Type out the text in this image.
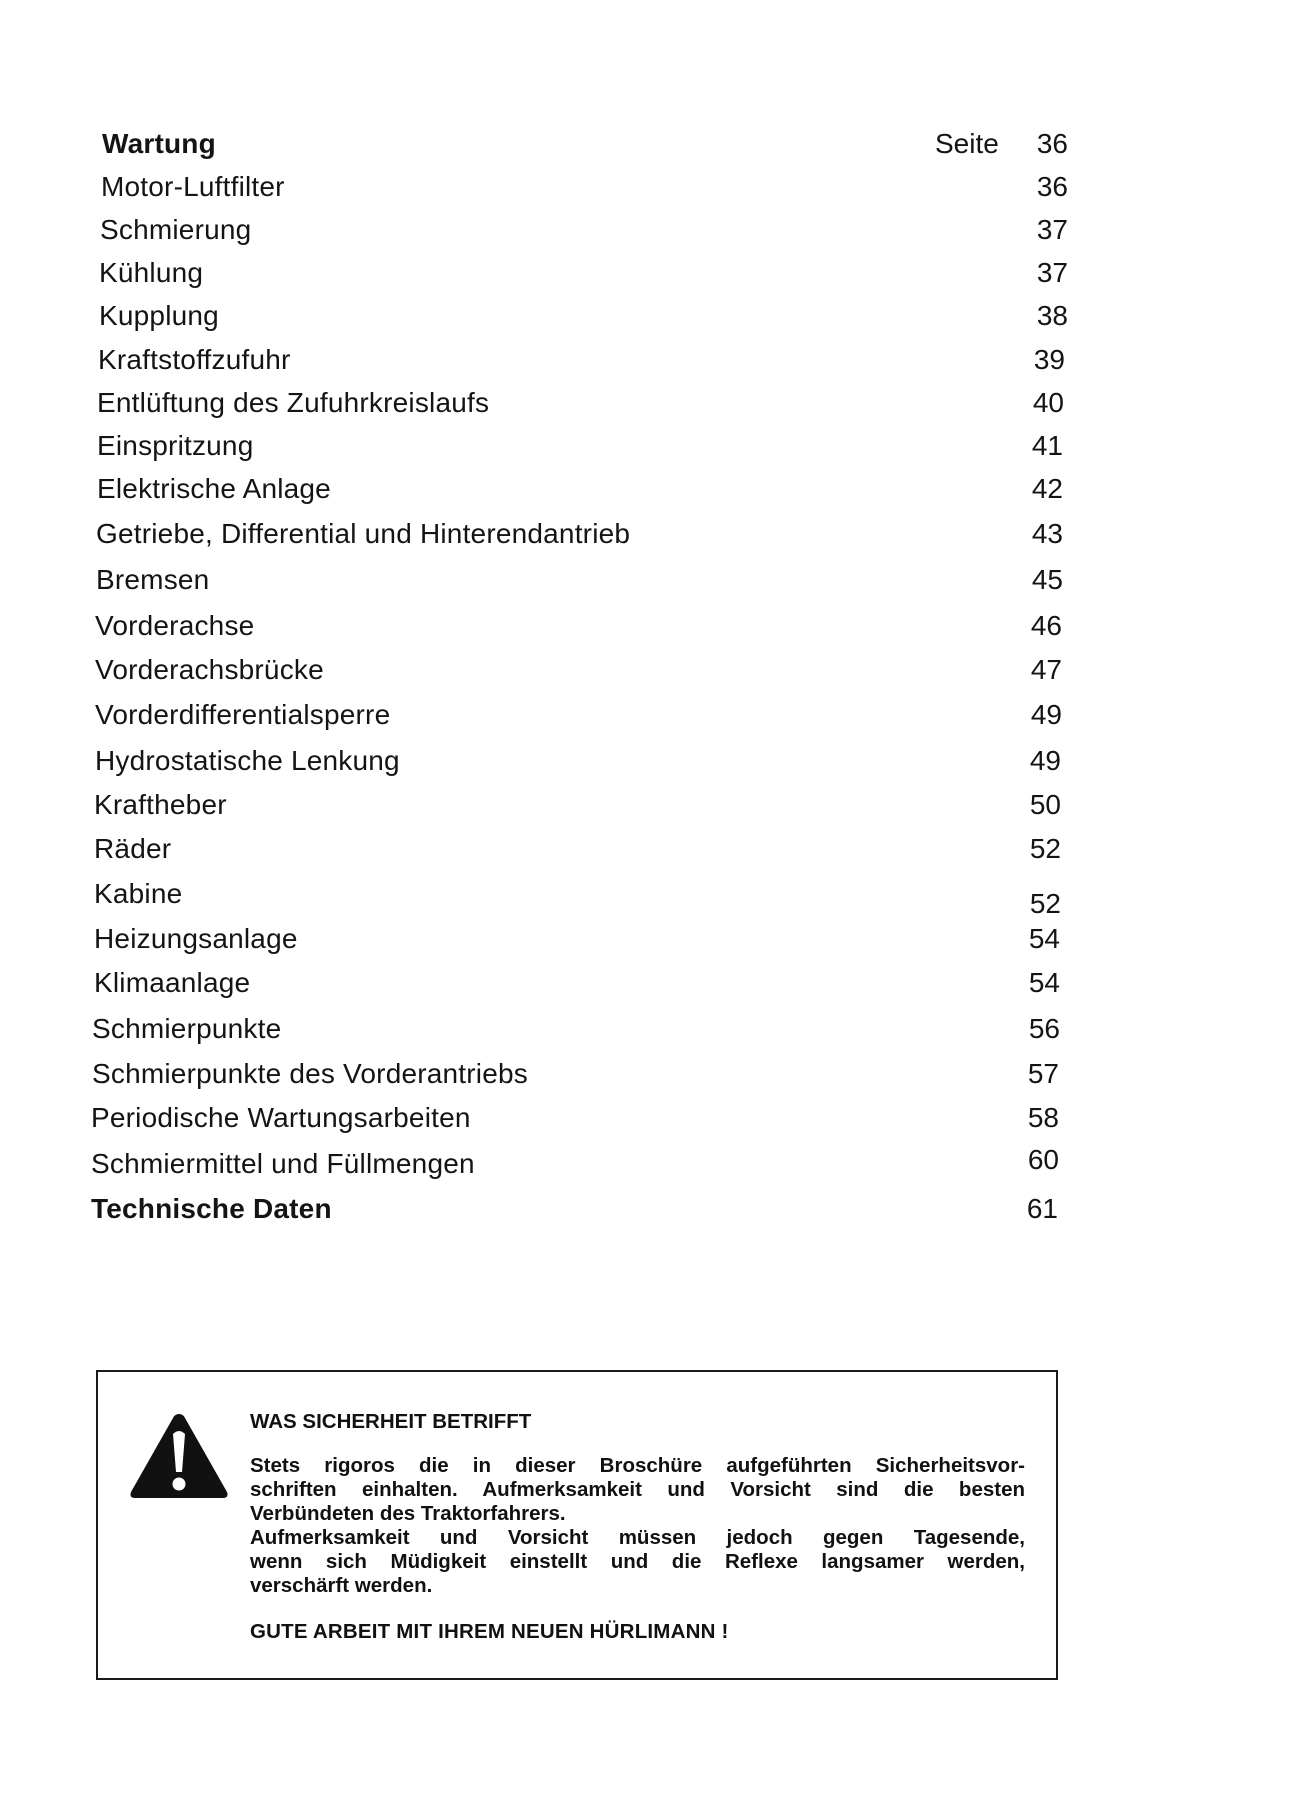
Seite
Wartung	36
Motor-Luftfilter	36
Schmierung	37
Kühlung	37
Kupplung	38
Kraftstoffzufuhr	39
Entlüftung des Zufuhrkreislaufs	40
Einspritzung	41
Elektrische Anlage	42
Getriebe, Differential und Hinterendantrieb	43
Bremsen	45
Vorderachse	46
Vorderachsbrücke	47
Vorderdifferentialsperre	49
Hydrostatische Lenkung	49
Kraftheber	50
Räder	52
Kabine	52
Heizungsanlage	54
Klimaanlage	54
Schmierpunkte	56
Schmierpunkte des Vorderantriebs	57
Periodische Wartungsarbeiten	58
Schmiermittel und Füllmengen	60
Technische Daten	61
WAS SICHERHEIT BETRIFFT
Stets rigoros die in dieser Broschüre aufgeführten Sicherheitsvor-
schriften einhalten. Aufmerksamkeit und Vorsicht sind die besten
Verbündeten des Traktorfahrers.
Aufmerksamkeit und Vorsicht müssen jedoch gegen Tagesende,
wenn sich Müdigkeit einstellt und die Reflexe langsamer werden,
verschärft werden.
GUTE ARBEIT MIT IHREM NEUEN HÜRLIMANN !
